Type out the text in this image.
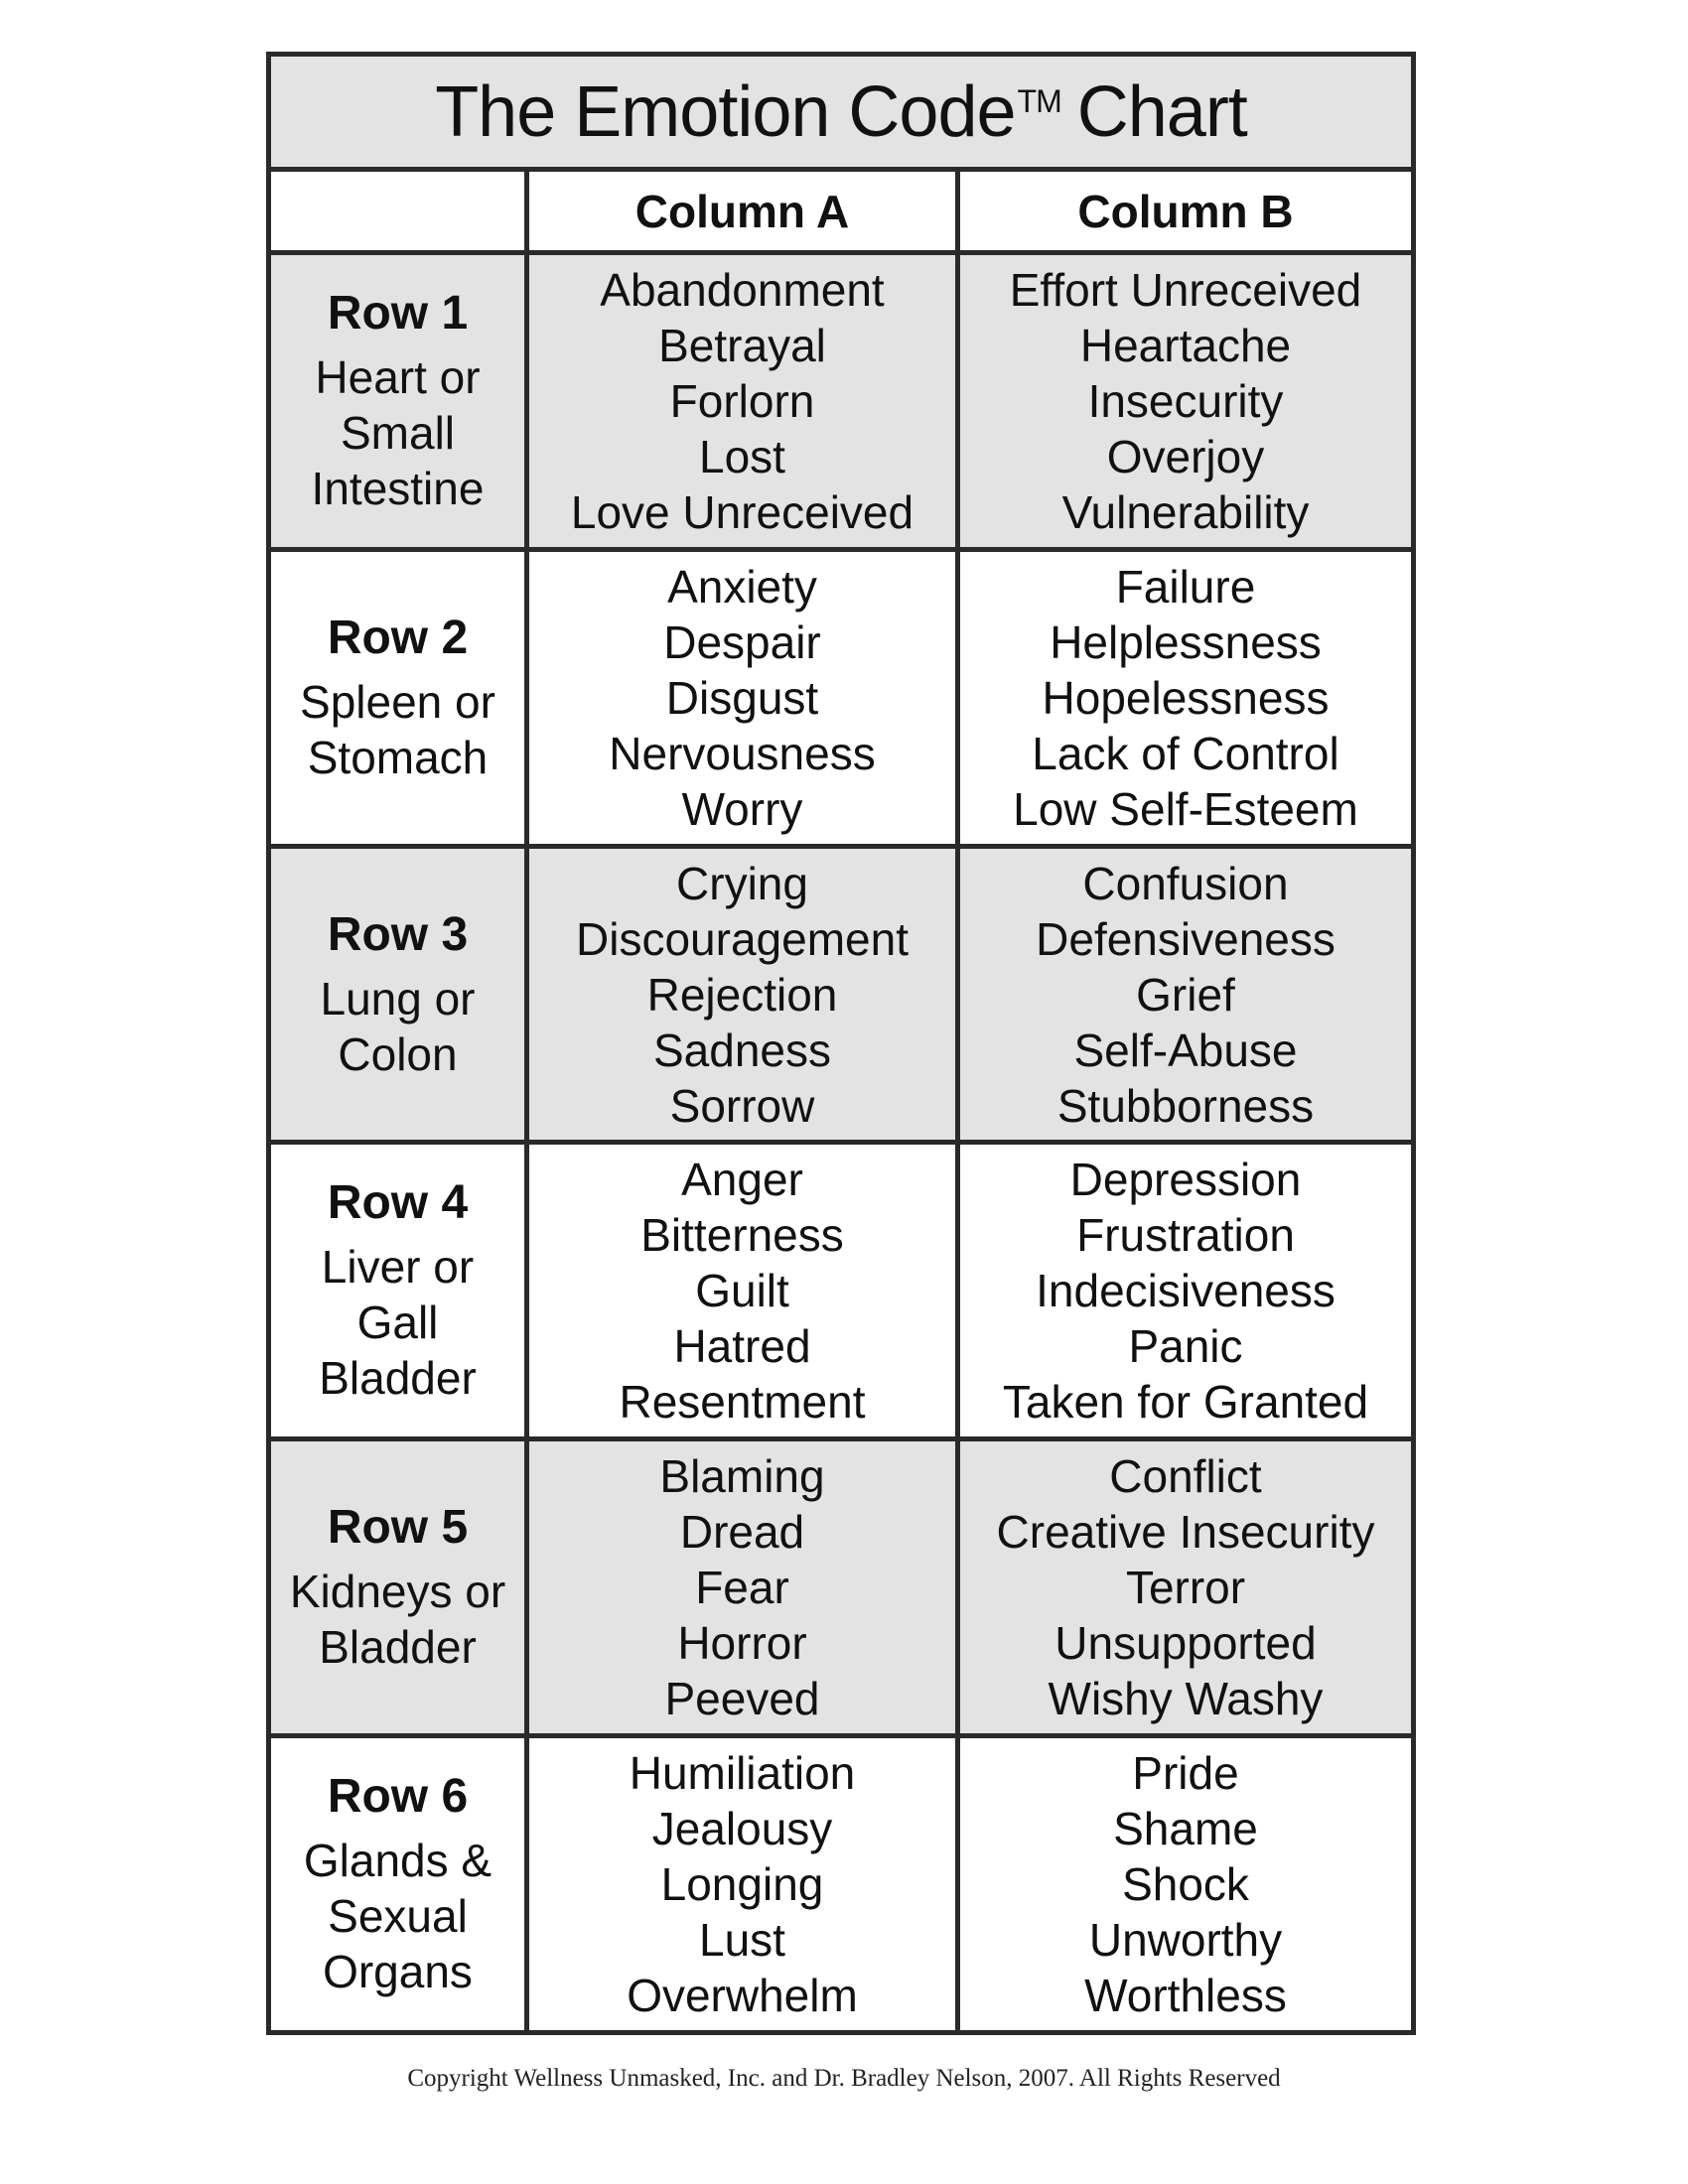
The Emotion Code TM Chart
Column A	Column B
Row 1
Heart or
Small
Intestine
Abandonment
Betrayal
Forlorn
Lost
Love Unreceived
Effort Unreceived
Heartache
Insecurity
Overjoy
Vulnerability
Row 2
Spleen or
Stomach
Anxiety
Despair
Disgust
Nervousness
Worry
Failure
Helplessness
Hopelessness
Lack of Control
Low Self-Esteem
Row 3
Lung or
Colon
Crying
Discouragement
Rejection
Sadness
Sorrow
Confusion
Defensiveness
Grief
Self-Abuse
Stubborness
Row 4
Liver or
Gall
Bladder
Anger
Bitterness
Guilt
Hatred
Resentment
Depression
Frustration
Indecisiveness
Panic
Taken for Granted
Row 5
Kidneys or
Bladder
Blaming
Dread
Fear
Horror
Peeved
Conflict
Creative Insecurity
Terror
Unsupported
Wishy Washy
Row 6
Glands &
Sexual
Organs
Humiliation
Jealousy
Longing
Lust
Overwhelm
Pride
Shame
Shock
Unworthy
Worthless
Copyright Wellness Unmasked, Inc. and Dr. Bradley Nelson, 2007. All Rights Reserved
